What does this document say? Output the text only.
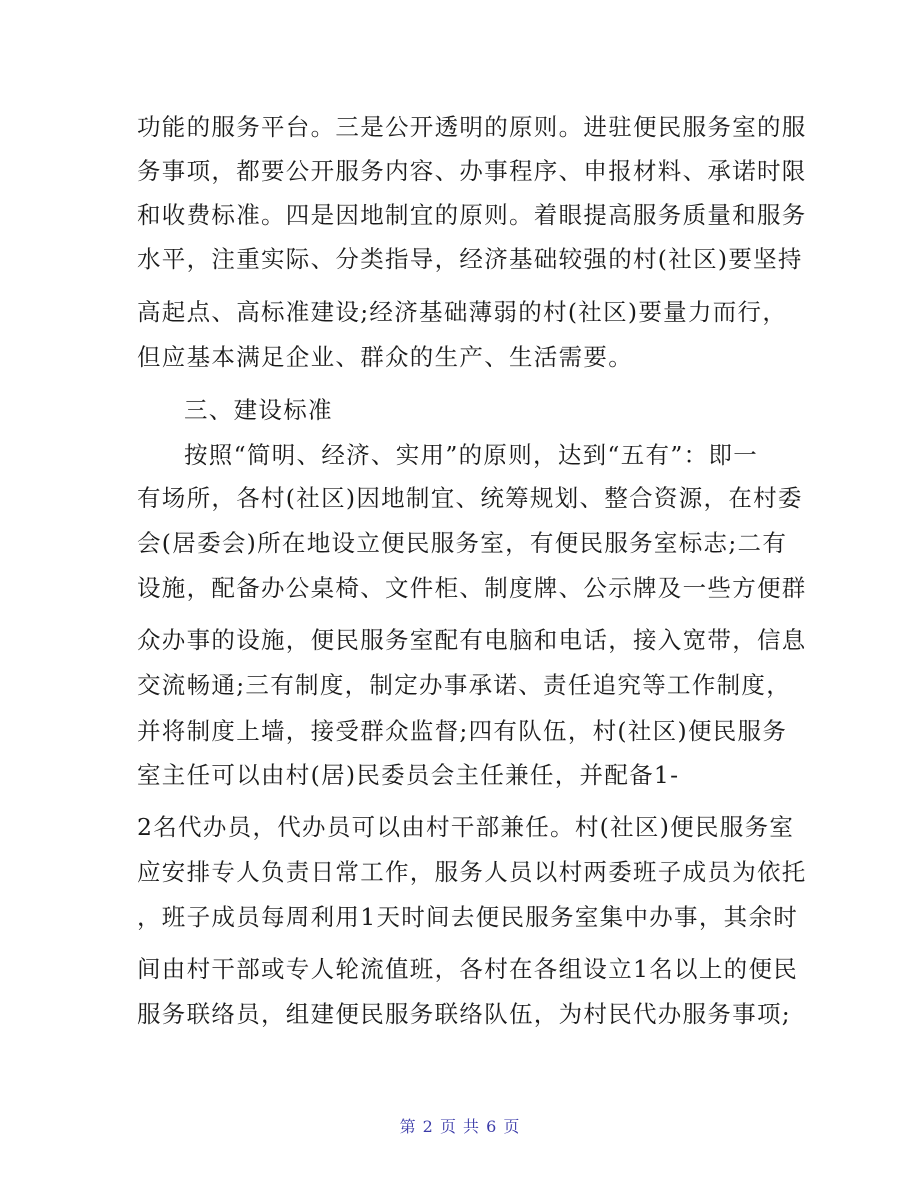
功能的服务平台。三是公开透明的原则。进驻便民服务室的服
务事项，都要公开服务内容、办事程序、申报材料、承诺时限
和收费标准。四是因地制宜的原则。着眼提高服务质量和服务
水平，注重实际、分类指导，经济基础较强的村(社区)要坚持
高起点、高标准建设;经济基础薄弱的村(社区)要量力而行，
但应基本满足企业、群众的生产、生活需要。
三、建设标准
按照“简明、经济、实用”的原则，达到“五有”：即一
有场所，各村(社区)因地制宜、统筹规划、整合资源，在村委
会(居委会)所在地设立便民服务室，有便民服务室标志;二有
设施，配备办公桌椅、文件柜、制度牌、公示牌及一些方便群
众办事的设施，便民服务室配有电脑和电话，接入宽带，信息
交流畅通;三有制度，制定办事承诺、责任追究等工作制度，
并将制度上墙，接受群众监督;四有队伍，村(社区)便民服务
室主任可以由村(居)民委员会主任兼任，并配备1-
2名代办员，代办员可以由村干部兼任。村(社区)便民服务室
应安排专人负责日常工作，服务人员以村两委班子成员为依托
，班子成员每周利用1天时间去便民服务室集中办事，其余时
间由村干部或专人轮流值班，各村在各组设立1名以上的便民
服务联络员，组建便民服务联络队伍，为村民代办服务事项;
第 2 页 共 6 页
